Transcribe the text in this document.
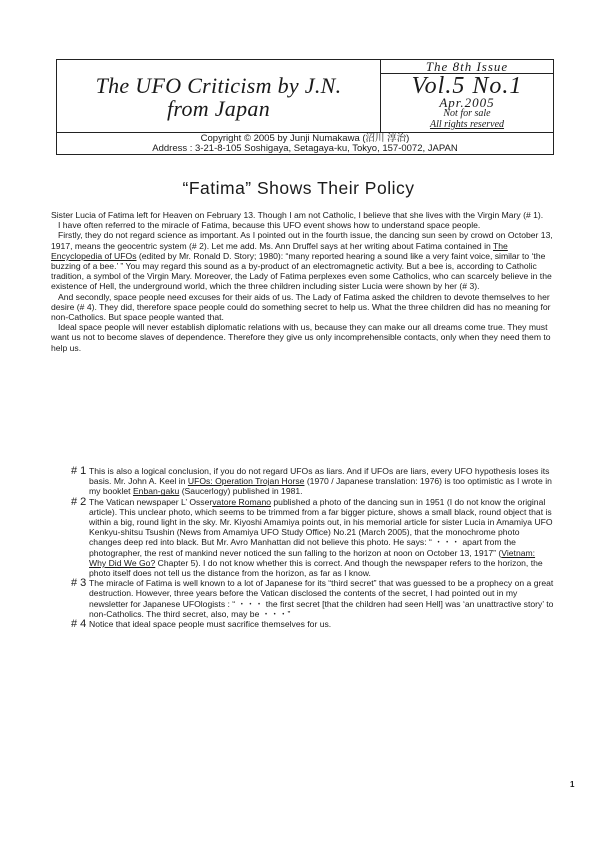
The UFO Criticism by J.N.
from Japan
The 8th Issue
Vol.5 No.1
Apr.2005
Not for sale
All rights reserved
Copyright © 2005 by Junji Numakawa (沼川 淳治)
Address : 3-21-8-105 Soshigaya, Setagaya-ku, Tokyo, 157-0072, JAPAN
“Fatima” Shows Their Policy

Sister Lucia of Fatima left for Heaven on February 13. Though I am not Catholic, I believe that she lives with the Virgin Mary (# 1).

I have often referred to the miracle of Fatima, because this UFO event shows how to understand space people.

Firstly, they do not regard science as important. As I pointed out in the fourth issue, the dancing sun seen by crowd on October 13, 1917, means the geocentric system (# 2). Let me add. Ms. Ann Druffel says at her writing about Fatima contained in The Encyclopedia of UFOs (edited by Mr. Ronald D. Story; 1980): “many reported hearing a sound like a very faint voice, similar to ‘the buzzing of a bee.’ ” You may regard this sound as a by-product of an electromagnetic activity. But a bee is, according to Catholic tradition, a symbol of the Virgin Mary. Moreover, the Lady of Fatima perplexes even some Catholics, who can scarcely believe in the existence of Hell, the underground world, which the three children including sister Lucia were shown by her (# 3).

And secondly, space people need excuses for their aids of us. The Lady of Fatima asked the children to devote themselves to her desire (# 4). They did, therefore space people could do something secret to help us. What the three children did has no meaning for non-Catholics. But space people wanted that.

Ideal space people will never establish diplomatic relations with us, because they can make our all dreams come true. They must want us not to become slaves of dependence. Therefore they give us only incomprehensible contacts, only when they need them to help us.

# 1 This is also a logical conclusion, if you do not regard UFOs as liars. And if UFOs are liars, every UFO hypothesis loses its basis. Mr. John A. Keel in UFOs: Operation Trojan Horse (1970 / Japanese translation: 1976) is too optimistic as I wrote in my booklet Enban-gaku (Saucerlogy) published in 1981.

# 2 The Vatican newspaper L’ Osservatore Romano published a photo of the dancing sun in 1951 (I do not know the original article). This unclear photo, which seems to be trimmed from a far bigger picture, shows a small black, round object that is within a big, round light in the sky. Mr. Kiyoshi Amamiya points out, in his memorial article for sister Lucia in Amamiya UFO Kenkyu-shitsu Tsushin (News from Amamiya UFO Study Office) No.21 (March 2005), that the monochrome photo changes deep red into black. But Mr. Avro Manhattan did not believe this photo. He says: “ ・・・ apart from the photographer, the rest of mankind never noticed the sun falling to the horizon at noon on October 13, 1917” (Vietnam: Why Did We Go? Chapter 5). I do not know whether this is correct. And though the newspaper refers to the horizon, the photo itself does not tell us the distance from the horizon, as far as I know.

# 3 The miracle of Fatima is well known to a lot of Japanese for its “third secret” that was guessed to be a prophecy on a great destruction. However, three years before the Vatican disclosed the contents of the secret, I had pointed out in my newsletter for Japanese UFOlogists : “ ・・・ the first secret [that the children had seen Hell] was ‘an unattractive story’ to non-Catholics. The third secret, also, may be ・・・”

# 4 Notice that ideal space people must sacrifice themselves for us.

1
